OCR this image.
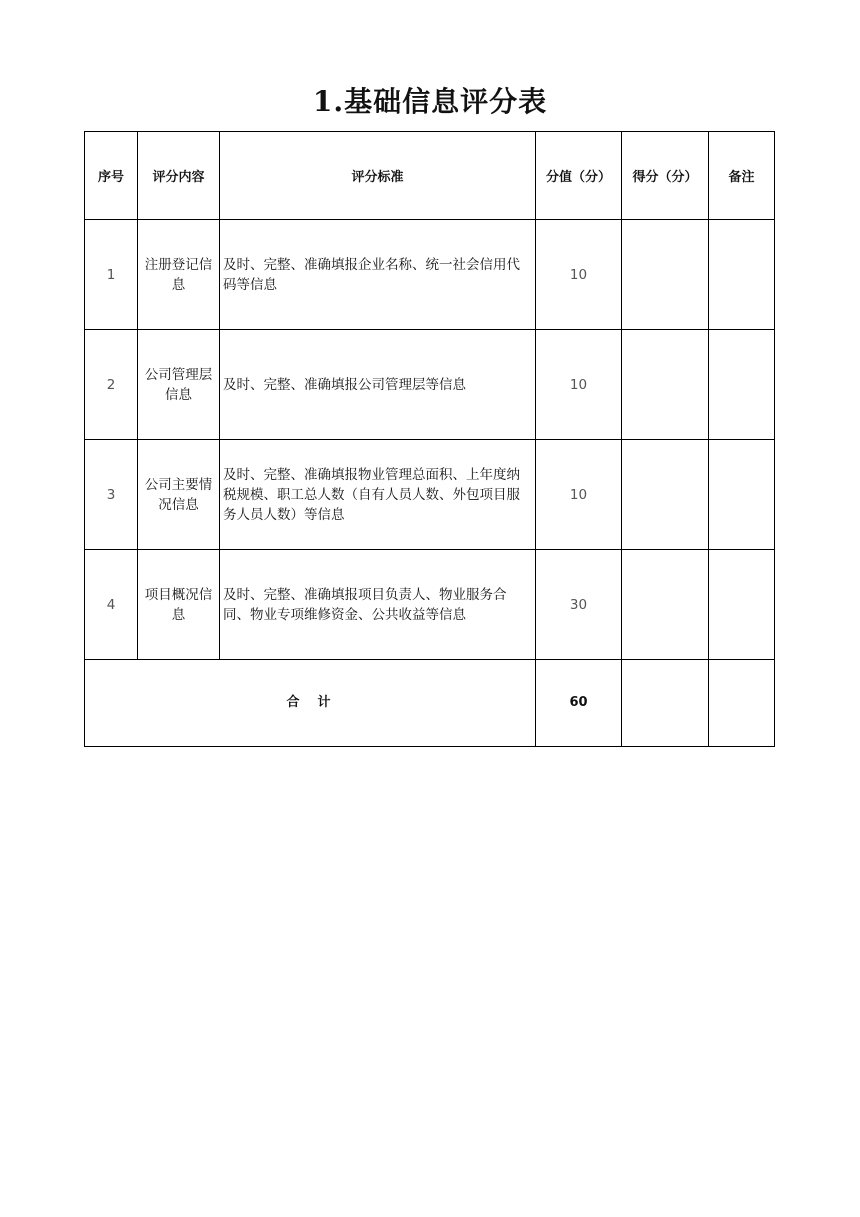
1.基础信息评分表
序号	评分内容	评分标准	分值（分）	得分（分）	备注
1	注册登记信息	及时、完整、准确填报企业名称、统一社会信用代码等信息	10		
2	公司管理层信息	及时、完整、准确填报公司管理层等信息	10		
3	公司主要情况信息	及时、完整、准确填报物业管理总面积、上年度纳税规模、职工总人数（自有人员人数、外包项目服务人员人数）等信息	10		
4	项目概况信息	及时、完整、准确填报项目负责人、物业服务合同、物业专项维修资金、公共收益等信息	30		
合计			60		
